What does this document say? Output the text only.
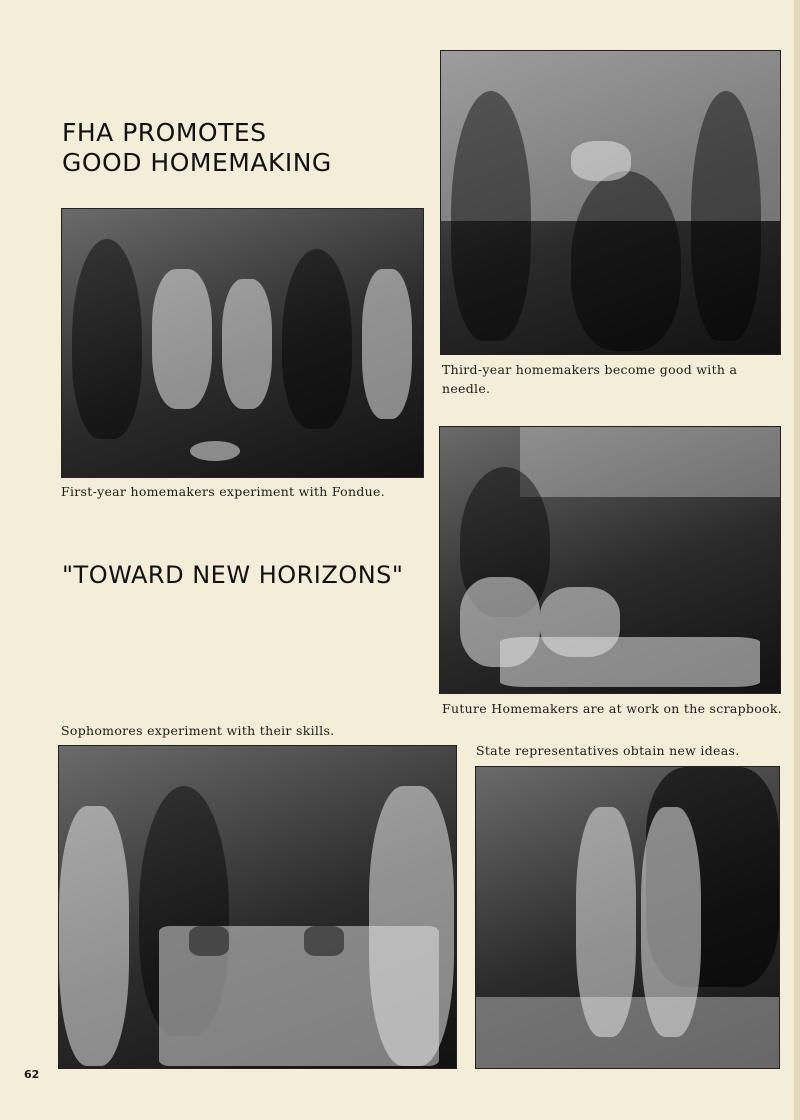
FHA PROMOTES
GOOD HOMEMAKING

First-year homemakers experiment with Fondue.

Third-year homemakers become good with a needle.

"TOWARD NEW HORIZONS"

Future Homemakers are at work on the scrapbook.

Sophomores experiment with their skills.

State representatives obtain new ideas.

62
